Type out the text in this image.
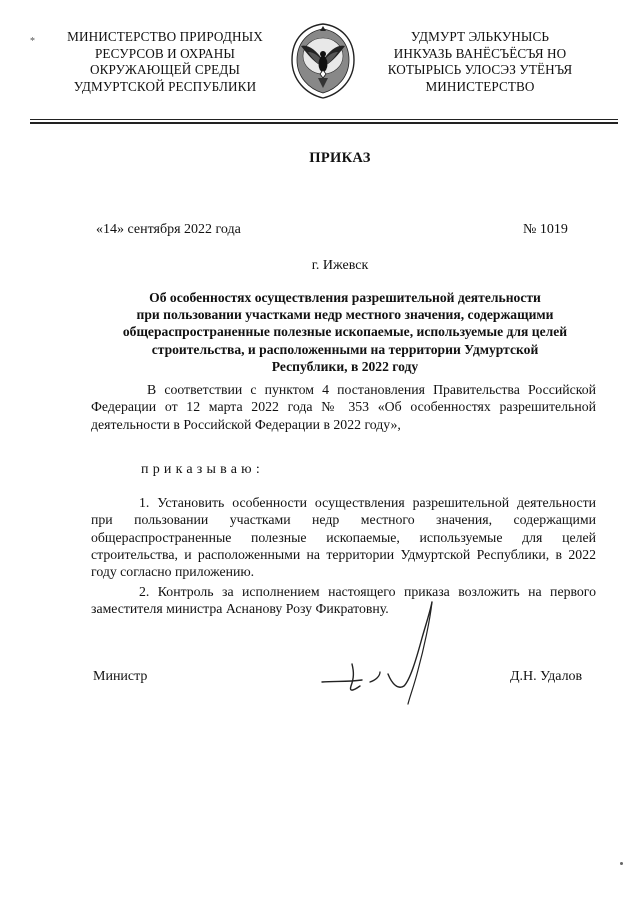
*	МИНИСТЕРСТВО ПРИРОДНЫХ
РЕСУРСОВ И ОХРАНЫ
ОКРУЖАЮЩЕЙ СРЕДЫ
УДМУРТСКОЙ РЕСПУБЛИКИ
УДМУРТ ЭЛЬКУНЫСЬ
ИНКУАЗЬ ВАНЁСЪЁСЪЯ НО
КОТЫРЫСЬ УЛОСЭЗ УТЁНЪЯ
МИНИСТЕРСТВО
ПРИКАЗ
«14» сентября 2022 года	№ 1019
г. Ижевск
Об особенностях осуществления разрешительной деятельности
при пользовании участками недр местного значения, содержащими
общераспространенные полезные ископаемые, используемые для целей
строительства, и расположенными на территории Удмуртской
Республики, в 2022 году
В соответствии с пунктом 4 постановления Правительства Российской Федерации от 12 марта 2022 года № 353 «Об особенностях разрешительной деятельности в Российской Федерации в 2022 году»,
приказываю:
1. Установить особенности осуществления разрешительной деятельности при пользовании участками недр местного значения, содержащими общераспространенные полезные ископаемые, используемые для целей строительства, и расположенными на территории Удмуртской Республики, в 2022 году согласно приложению.
2. Контроль за исполнением настоящего приказа возложить на первого заместителя министра Аснанову Розу Фикратовну.
Министр	Д.Н. Удалов
